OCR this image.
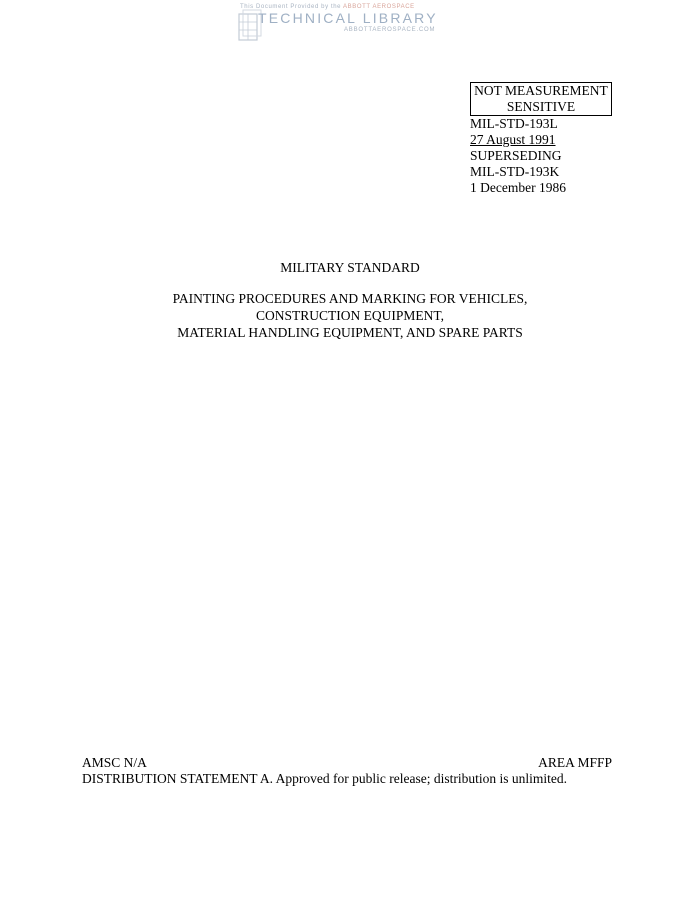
This Document Provided by the ABBOTT AEROSPACE
TECHNICAL LIBRARY
ABBOTTAEROSPACE.COM
NOT MEASUREMENT
SENSITIVE
MIL-STD-193L
27 August 1991
SUPERSEDING
MIL-STD-193K
1 December 1986
MILITARY STANDARD
PAINTING PROCEDURES AND MARKING FOR VEHICLES,
CONSTRUCTION EQUIPMENT,
MATERIAL HANDLING EQUIPMENT, AND SPARE PARTS
AMSC N/A	AREA MFFP
DISTRIBUTION STATEMENT A. Approved for public release; distribution is unlimited.
